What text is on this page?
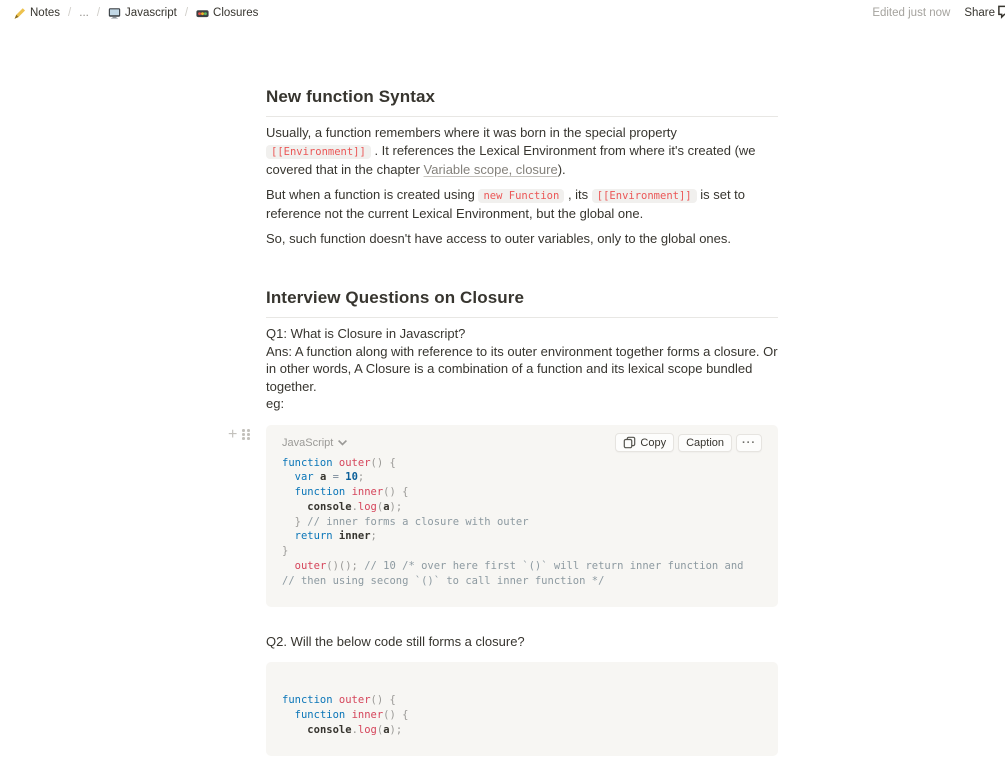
Notes / ... / Javascript / Closures	Edited just now Share
New function Syntax
Usually, a function remembers where it was born in the special property [[Environment]] . It references the Lexical Environment from where it's created (we covered that in the chapter Variable scope, closure).
But when a function is created using new Function , its [[Environment]] is set to reference not the current Lexical Environment, but the global one.
So, such function doesn't have access to outer variables, only to the global ones.
Interview Questions on Closure
Q1: What is Closure in Javascript?
Ans: A function along with reference to its outer environment together forms a closure. Or in other words, A Closure is a combination of a function and its lexical scope bundled together.
eg:
+	JavaScript	Copy	Caption	···
function outer() {
var a = 10;
function inner() {
console.log(a);
} // inner forms a closure with outer
return inner;
}
outer()(); // 10 /* over here first `()` will return inner function and
// then using secong `()` to call inner function */
Q2. Will the below code still forms a closure?
function outer() {
function inner() {
console.log(a);
